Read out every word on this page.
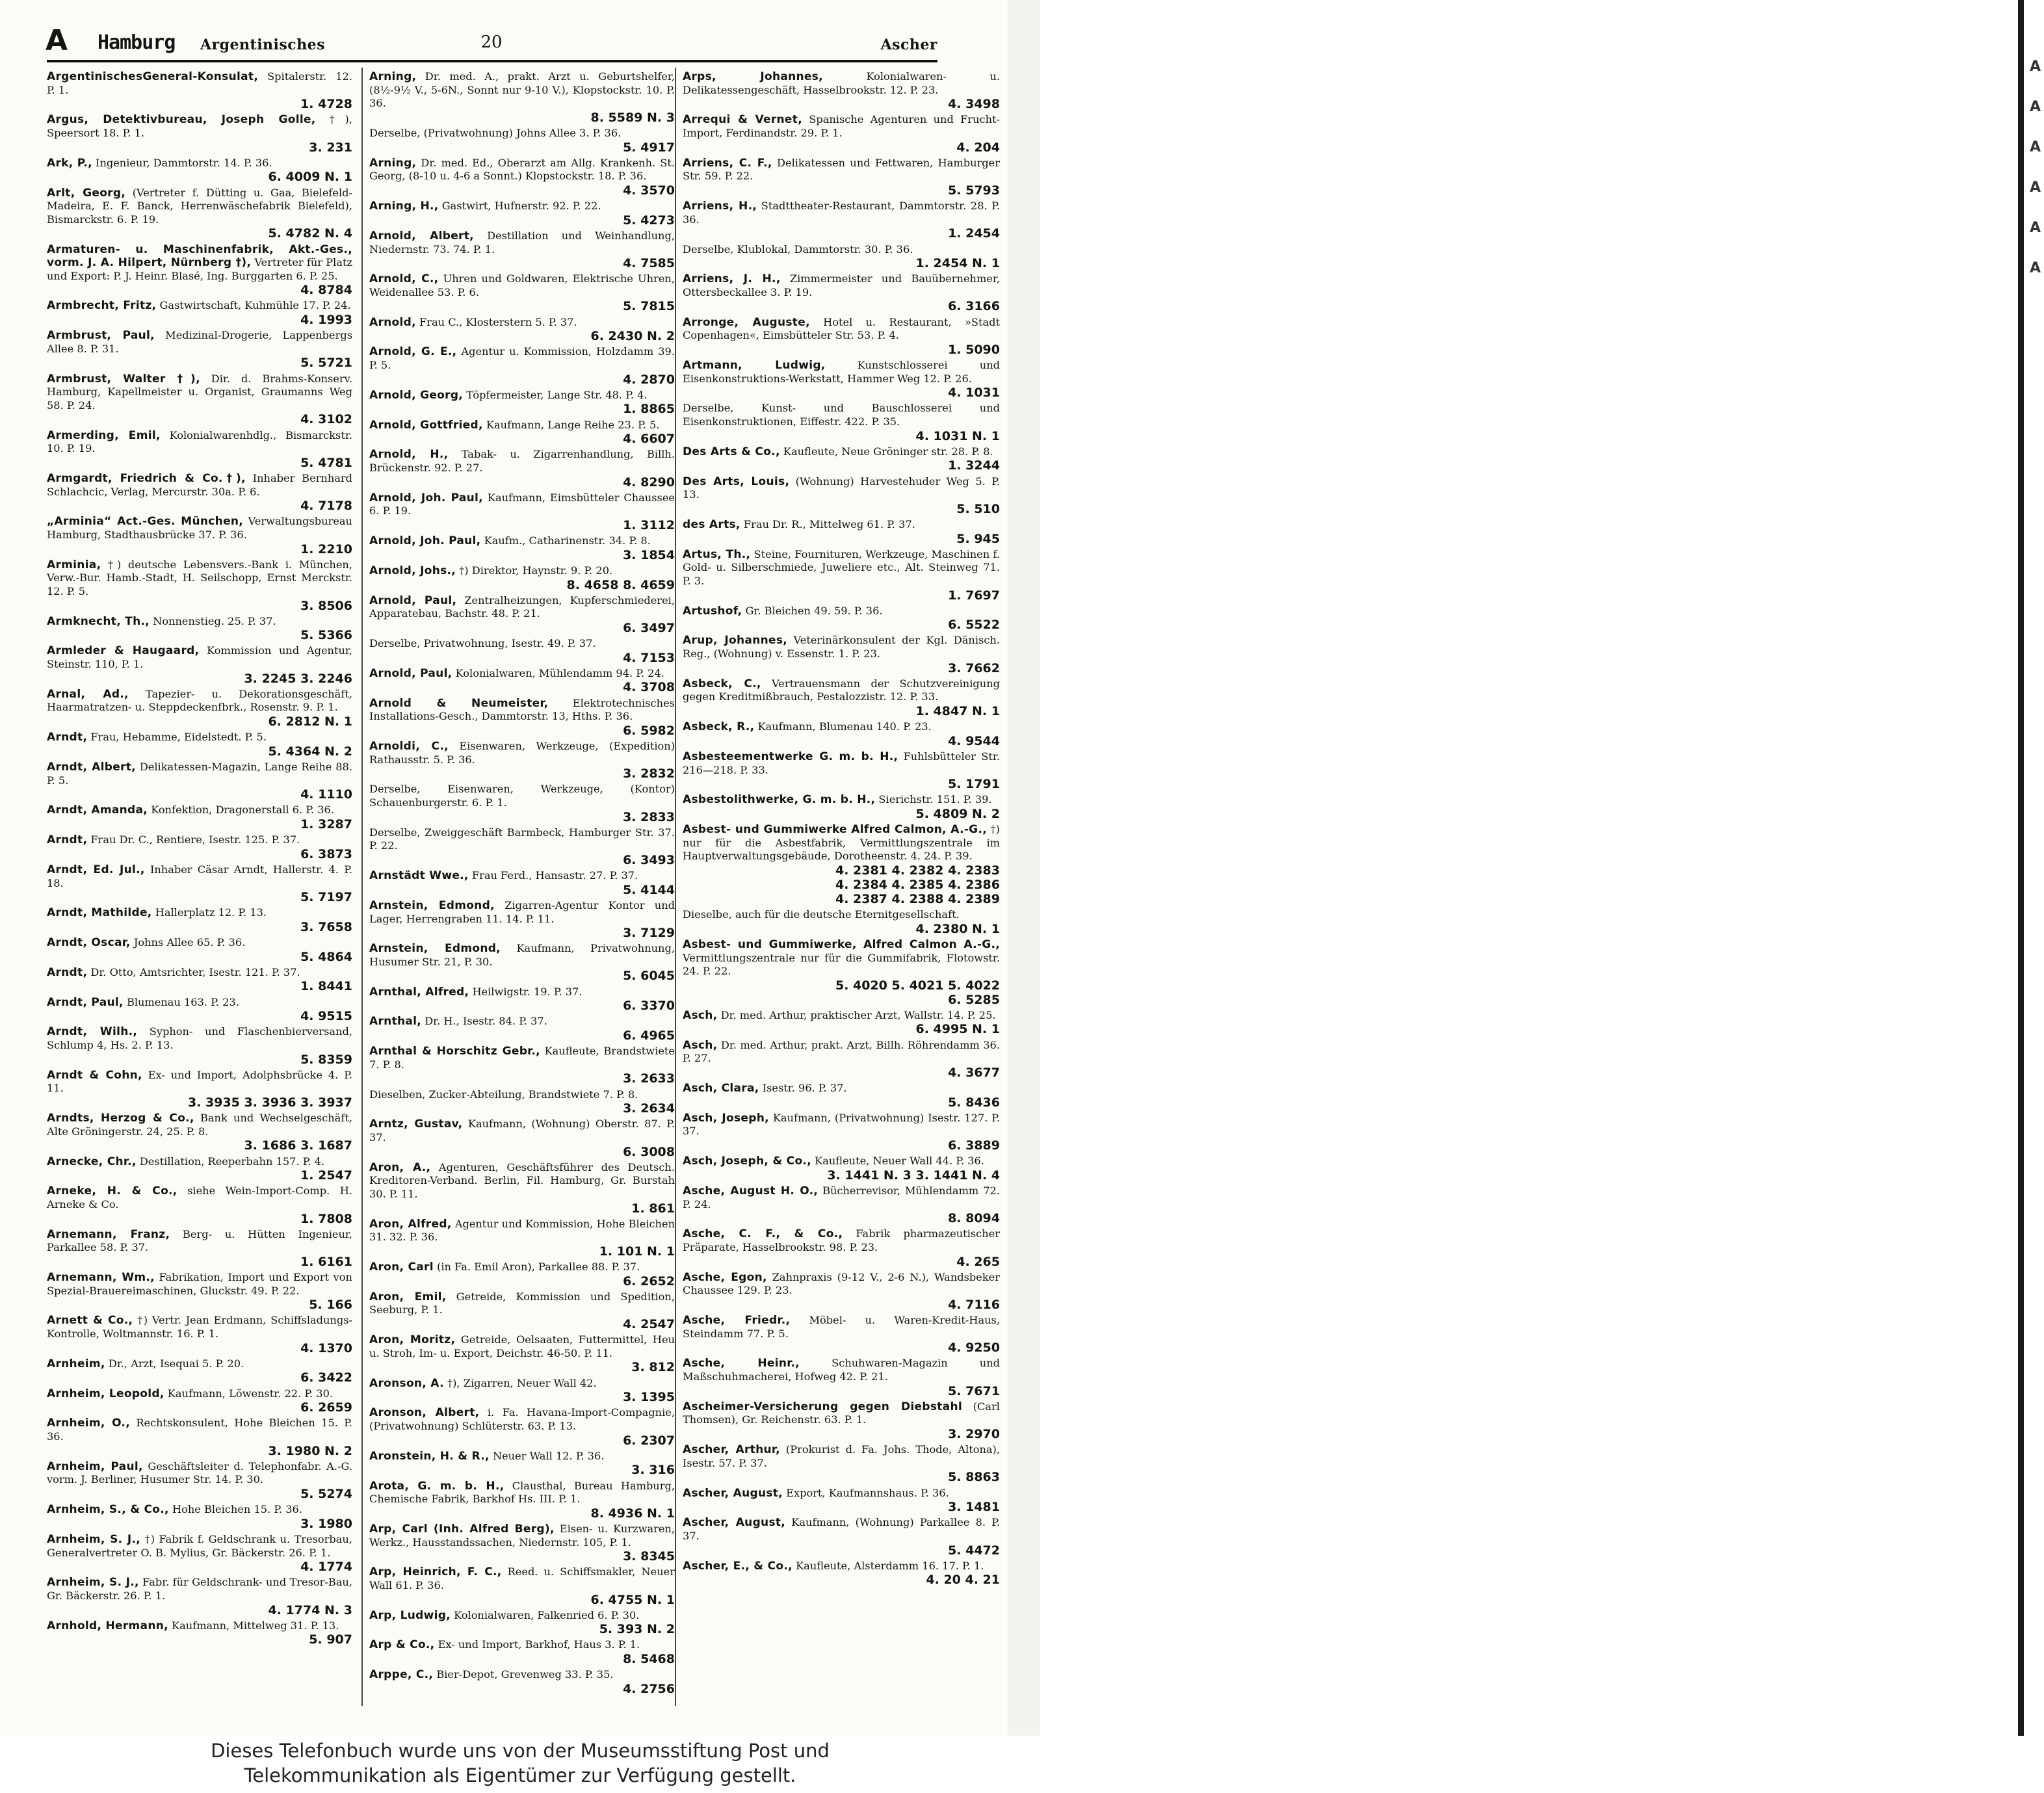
A
A
A
A
A
A
A Hamburg Argentinisches	20	Ascher
ArgentinischesGeneral-Konsulat, Spitalerstr. 12. P. 1.
1. 4728
Argus, Detektivbureau, Joseph Golle, †), Speersort 18. P. 1.
3. 231
Ark, P., Ingenieur, Dammtorstr. 14. P. 36.
6. 4009 N. 1
Arlt, Georg, (Vertreter f. Dütting u. Gaa, Bielefeld-Madeira, E. F. Banck, Herrenwäschefabrik Bielefeld), Bismarckstr. 6. P. 19.
5. 4782 N. 4
Armaturen- u. Maschinenfabrik, Akt.-Ges., vorm. J. A. Hilpert, Nürnberg †), Vertreter für Platz und Export: P. J. Heinr. Blasé, Ing. Burggarten 6. P. 25.
4. 8784
Armbrecht, Fritz, Gastwirtschaft, Kuhmühle 17. P. 24.
4. 1993
Armbrust, Paul, Medizinal-Drogerie, Lappenbergs Allee 8. P. 31.
5. 5721
Armbrust, Walter †), Dir. d. Brahms-Konserv. Hamburg, Kapellmeister u. Organist, Graumanns Weg 58. P. 24.
4. 3102
Armerding, Emil, Kolonialwarenhdlg., Bismarckstr. 10. P. 19.
5. 4781
Armgardt, Friedrich & Co.†), Inhaber Bernhard Schlachcic, Verlag, Mercurstr. 30a. P. 6.
4. 7178
„Arminia“ Act.-Ges. München, Verwaltungsbureau Hamburg, Stadthausbrücke 37. P. 36.
1. 2210
Arminia, †) deutsche Lebensvers.-Bank i. München, Verw.-Bur. Hamb.-Stadt, H. Seilschopp, Ernst Merckstr. 12. P. 5.
3. 8506
Armknecht, Th., Nonnenstieg. 25. P. 37.
5. 5366
Armleder & Haugaard, Kommission und Agentur, Steinstr. 110, P. 1.
3. 2245 3. 2246
Arnal, Ad., Tapezier- u. Dekorationsgeschäft, Haarmatratzen- u. Steppdeckenfbrk., Rosenstr. 9. P. 1.
6. 2812 N. 1
Arndt, Frau, Hebamme, Eidelstedt. P. 5.
5. 4364 N. 2
Arndt, Albert, Delikatessen-Magazin, Lange Reihe 88. P. 5.
4. 1110
Arndt, Amanda, Konfektion, Dragonerstall 6. P. 36.
1. 3287
Arndt, Frau Dr. C., Rentiere, Isestr. 125. P. 37.
6. 3873
Arndt, Ed. Jul., Inhaber Cäsar Arndt, Hallerstr. 4. P. 18.
5. 7197
Arndt, Mathilde, Hallerplatz 12. P. 13.
3. 7658
Arndt, Oscar, Johns Allee 65. P. 36.
5. 4864
Arndt, Dr. Otto, Amtsrichter, Isestr. 121. P. 37.
1. 8441
Arndt, Paul, Blumenau 163. P. 23.
4. 9515
Arndt, Wilh., Syphon- und Flaschenbierversand, Schlump 4, Hs. 2. P. 13.
5. 8359
Arndt & Cohn, Ex- und Import, Adolphsbrücke 4. P. 11.
3. 3935 3. 3936 3. 3937
Arndts, Herzog & Co., Bank und Wechselgeschäft, Alte Gröningerstr. 24, 25. P. 8.
3. 1686 3. 1687
Arnecke, Chr., Destillation, Reeperbahn 157. P. 4.
1. 2547
Arneke, H. & Co., siehe Wein-Import-Comp. H. Arneke & Co.
1. 7808
Arnemann, Franz, Berg- u. Hütten Ingenieur, Parkallee 58. P. 37.
1. 6161
Arnemann, Wm., Fabrikation, Import und Export von Spezial-Brauereimaschinen, Gluckstr. 49. P. 22.
5. 166
Arnett & Co., †) Vertr. Jean Erdmann, Schiffsladungs-Kontrolle, Woltmannstr. 16. P. 1.
4. 1370
Arnheim, Dr., Arzt, Isequai 5. P. 20.
6. 3422
Arnheim, Leopold, Kaufmann, Löwenstr. 22. P. 30.
6. 2659
Arnheim, O., Rechtskonsulent, Hohe Bleichen 15. P. 36.
3. 1980 N. 2
Arnheim, Paul, Geschäftsleiter d. Telephonfabr. A.-G. vorm. J. Berliner, Husumer Str. 14. P. 30.
5. 5274
Arnheim, S., & Co., Hohe Bleichen 15. P. 36.
3. 1980
Arnheim, S. J., †) Fabrik f. Geldschrank u. Tresorbau, Generalvertreter O. B. Mylius, Gr. Bäckerstr. 26. P. 1.
4. 1774
Arnheim, S. J., Fabr. für Geldschrank- und Tresor-Bau, Gr. Bäckerstr. 26. P. 1.
4. 1774 N. 3
Arnhold, Hermann, Kaufmann, Mittelweg 31. P. 13.
5. 907
Arning, Dr. med. A., prakt. Arzt u. Geburtshelfer, (8½-9½ V., 5-6N., Sonnt nur 9-10 V.), Klopstockstr. 10. P. 36.
8. 5589 N. 3
Derselbe, (Privatwohnung) Johns Allee 3. P. 36.
5. 4917
Arning, Dr. med. Ed., Oberarzt am Allg. Krankenh. St. Georg, (8-10 u. 4-6 a Sonnt.) Klopstockstr. 18. P. 36.
4. 3570
Arning, H., Gastwirt, Hufnerstr. 92. P. 22.
5. 4273
Arnold, Albert, Destillation und Weinhandlung, Niedernstr. 73. 74. P. 1.
4. 7585
Arnold, C., Uhren und Goldwaren, Elektrische Uhren, Weidenallee 53. P. 6.
5. 7815
Arnold, Frau C., Klosterstern 5. P. 37.
6. 2430 N. 2
Arnold, G. E., Agentur u. Kommission, Holzdamm 39. P. 5.
4. 2870
Arnold, Georg, Töpfermeister, Lange Str. 48. P. 4.
1. 8865
Arnold, Gottfried, Kaufmann, Lange Reihe 23. P. 5.
4. 6607
Arnold, H., Tabak- u. Zigarrenhandlung, Billh. Brückenstr. 92. P. 27.
4. 8290
Arnold, Joh. Paul, Kaufmann, Eimsbütteler Chaussee 6. P. 19.
1. 3112
Arnold, Joh. Paul, Kaufm., Catharinenstr. 34. P. 8.
3. 1854
Arnold, Johs., †) Direktor, Haynstr. 9. P. 20.
8. 4658 8. 4659
Arnold, Paul, Zentralheizungen, Kupferschmiederei, Apparatebau, Bachstr. 48. P. 21.
6. 3497
Derselbe, Privatwohnung, Isestr. 49. P. 37.
4. 7153
Arnold, Paul, Kolonialwaren, Mühlendamm 94. P. 24.
4. 3708
Arnold & Neumeister, Elektrotechnisches Installations-Gesch., Dammtorstr. 13, Hths. P. 36.
6. 5982
Arnoldi, C., Eisenwaren, Werkzeuge, (Expedition) Rathausstr. 5. P. 36.
3. 2832
Derselbe, Eisenwaren, Werkzeuge, (Kontor) Schauenburgerstr. 6. P. 1.
3. 2833
Derselbe, Zweiggeschäft Barmbeck, Hamburger Str. 37. P. 22.
6. 3493
Arnstädt Wwe., Frau Ferd., Hansastr. 27. P. 37.
5. 4144
Arnstein, Edmond, Zigarren-Agentur Kontor und Lager, Herrengraben 11. 14. P. 11.
3. 7129
Arnstein, Edmond, Kaufmann, Privatwohnung, Husumer Str. 21, P. 30.
5. 6045
Arnthal, Alfred, Heilwigstr. 19. P. 37.
6. 3370
Arnthal, Dr. H., Isestr. 84. P. 37.
6. 4965
Arnthal & Horschitz Gebr., Kaufleute, Brandstwiete 7. P. 8.
3. 2633
Dieselben, Zucker-Abteilung, Brandstwiete 7. P. 8.
3. 2634
Arntz, Gustav, Kaufmann, (Wohnung) Oberstr. 87. P. 37.
6. 3008
Aron, A., Agenturen, Geschäftsführer des Deutsch. Kreditoren-Verband. Berlin, Fil. Hamburg, Gr. Burstah 30. P. 11.
1. 861
Aron, Alfred, Agentur und Kommission, Hohe Bleichen 31. 32. P. 36.
1. 101 N. 1
Aron, Carl (in Fa. Emil Aron), Parkallee 88. P. 37.
6. 2652
Aron, Emil, Getreide, Kommission und Spedition, Seeburg, P. 1.
4. 2547
Aron, Moritz, Getreide, Oelsaaten, Futtermittel, Heu u. Stroh, Im- u. Export, Deichstr. 46-50. P. 11.
3. 812
Aronson, A. †), Zigarren, Neuer Wall 42.
3. 1395
Aronson, Albert, i. Fa. Havana-Import-Compagnie, (Privatwohnung) Schlüterstr. 63. P. 13.
6. 2307
Aronstein, H. & R., Neuer Wall 12. P. 36.
3. 316
Arota, G. m. b. H., Clausthal, Bureau Hamburg, Chemische Fabrik, Barkhof Hs. III. P. 1.
8. 4936 N. 1
Arp, Carl (Inh. Alfred Berg), Eisen- u. Kurzwaren, Werkz., Hausstandssachen, Niedernstr. 105, P. 1.
3. 8345
Arp, Heinrich, F. C., Reed. u. Schiffsmakler, Neuer Wall 61. P. 36.
6. 4755 N. 1
Arp, Ludwig, Kolonialwaren, Falkenried 6. P. 30.
5. 393 N. 2
Arp & Co., Ex- und Import, Barkhof, Haus 3. P. 1.
8. 5468
Arppe, C., Bier-Depot, Grevenweg 33. P. 35.
4. 2756
Arps, Johannes,	Kolonialwaren- u. Delikatessengeschäft, Hasselbrookstr. 12. P. 23.
4. 3498
Arrequi & Vernet, Spanische Agenturen und Frucht-Import, Ferdinandstr. 29. P. 1.
4. 204
Arriens, C. F., Delikatessen und Fettwaren, Hamburger Str. 59. P. 22.
5. 5793
Arriens, H., Stadttheater-Restaurant, Dammtorstr. 28. P. 36.
1. 2454
Derselbe, Klublokal, Dammtorstr. 30. P. 36.
1. 2454 N. 1
Arriens, J. H., Zimmermeister und Bauübernehmer, Ottersbeckallee 3. P. 19.
6. 3166
Arronge, Auguste, Hotel u. Restaurant, »Stadt Copenhagen«, Eimsbütteler Str. 53. P. 4.
1. 5090
Artmann, Ludwig,	Kunstschlosserei und Eisenkonstruktions-Werkstatt, Hammer Weg 12. P. 26.
4. 1031
Derselbe, Kunst- und Bauschlosserei und Eisenkonstruktionen, Eiffestr. 422. P. 35.
4. 1031 N. 1
Des Arts & Co., Kaufleute, Neue Gröninger str. 28. P. 8.
1. 3244
Des Arts, Louis, (Wohnung) Harvestehuder Weg 5. P. 13.
5. 510
des Arts, Frau Dr. R., Mittelweg 61. P. 37.
5. 945
Artus, Th., Steine, Fournituren, Werkzeuge, Maschinen f. Gold- u. Silberschmiede, Juweliere etc., Alt. Steinweg 71. P. 3.
1. 7697
Artushof, Gr. Bleichen 49. 59. P. 36.
6. 5522
Arup, Johannes, Veterinärkonsulent der Kgl. Dänisch. Reg., (Wohnung) v. Essenstr. 1. P. 23.
3. 7662
Asbeck, C., Vertrauensmann der Schutzvereinigung gegen Kreditmißbrauch, Pestalozzistr. 12. P. 33.
1. 4847 N. 1
Asbeck, R., Kaufmann, Blumenau 140. P. 23.
4. 9544
Asbesteementwerke G. m. b. H., Fuhlsbütteler Str. 216—218. P. 33.
5. 1791
Asbestolithwerke, G. m. b. H., Sierichstr. 151. P. 39.
5. 4809 N. 2
Asbest- und Gummiwerke Alfred Calmon, A.-G., †) nur für die Asbestfabrik, Vermittlungszentrale im Hauptverwaltungsgebäude, Dorotheenstr. 4. 24. P. 39.
4. 2381 4. 2382 4. 2383
4. 2384 4. 2385 4. 2386
4. 2387 4. 2388 4. 2389
Dieselbe, auch für die deutsche Eternitgesellschaft.
4. 2380 N. 1
Asbest- und Gummiwerke, Alfred Calmon A.-G., Vermittlungszentrale nur für die Gummifabrik, Flotowstr. 24. P. 22.
5. 4020 5. 4021 5. 4022
6. 5285
Asch, Dr. med. Arthur, praktischer Arzt, Wallstr. 14. P. 25.
6. 4995 N. 1
Asch, Dr. med. Arthur, prakt. Arzt, Billh. Röhrendamm 36. P. 27.
4. 3677
Asch, Clara, Isestr. 96. P. 37.
5. 8436
Asch, Joseph, Kaufmann, (Privatwohnung) Isestr. 127. P. 37.
6. 3889
Asch, Joseph, & Co., Kaufleute, Neuer Wall 44. P. 36.
3. 1441 N. 3 3. 1441 N. 4
Asche, August H. O., Bücherrevisor, Mühlendamm 72. P. 24.
8. 8094
Asche, C. F., & Co., Fabrik pharmazeutischer Präparate, Hasselbrookstr. 98. P. 23.
4. 265
Asche, Egon, Zahnpraxis (9-12 V., 2-6 N.), Wandsbeker Chaussee 129. P. 23.
4. 7116
Asche, Friedr., Möbel- u. Waren-Kredit-Haus, Steindamm 77. P. 5.
4. 9250
Asche, Heinr.,	Schuhwaren-Magazin und Maßschuhmacherei, Hofweg 42. P. 21.
5. 7671
Ascheimer-Versicherung gegen Diebstahl (Carl Thomsen), Gr. Reichenstr. 63. P. 1.
3. 2970
Ascher, Arthur, (Prokurist d. Fa. Johs. Thode, Altona), Isestr. 57. P. 37.
5. 8863
Ascher, August, Export, Kaufmannshaus. P. 36.
3. 1481
Ascher, August, Kaufmann, (Wohnung) Parkallee 8. P. 37.
5. 4472
Ascher, E., & Co., Kaufleute, Alsterdamm 16. 17. P. 1.
4. 20 4. 21
Dieses Telefonbuch wurde uns von der Museumsstiftung Post und
Telekommunikation als Eigentümer zur Verfügung gestellt.
